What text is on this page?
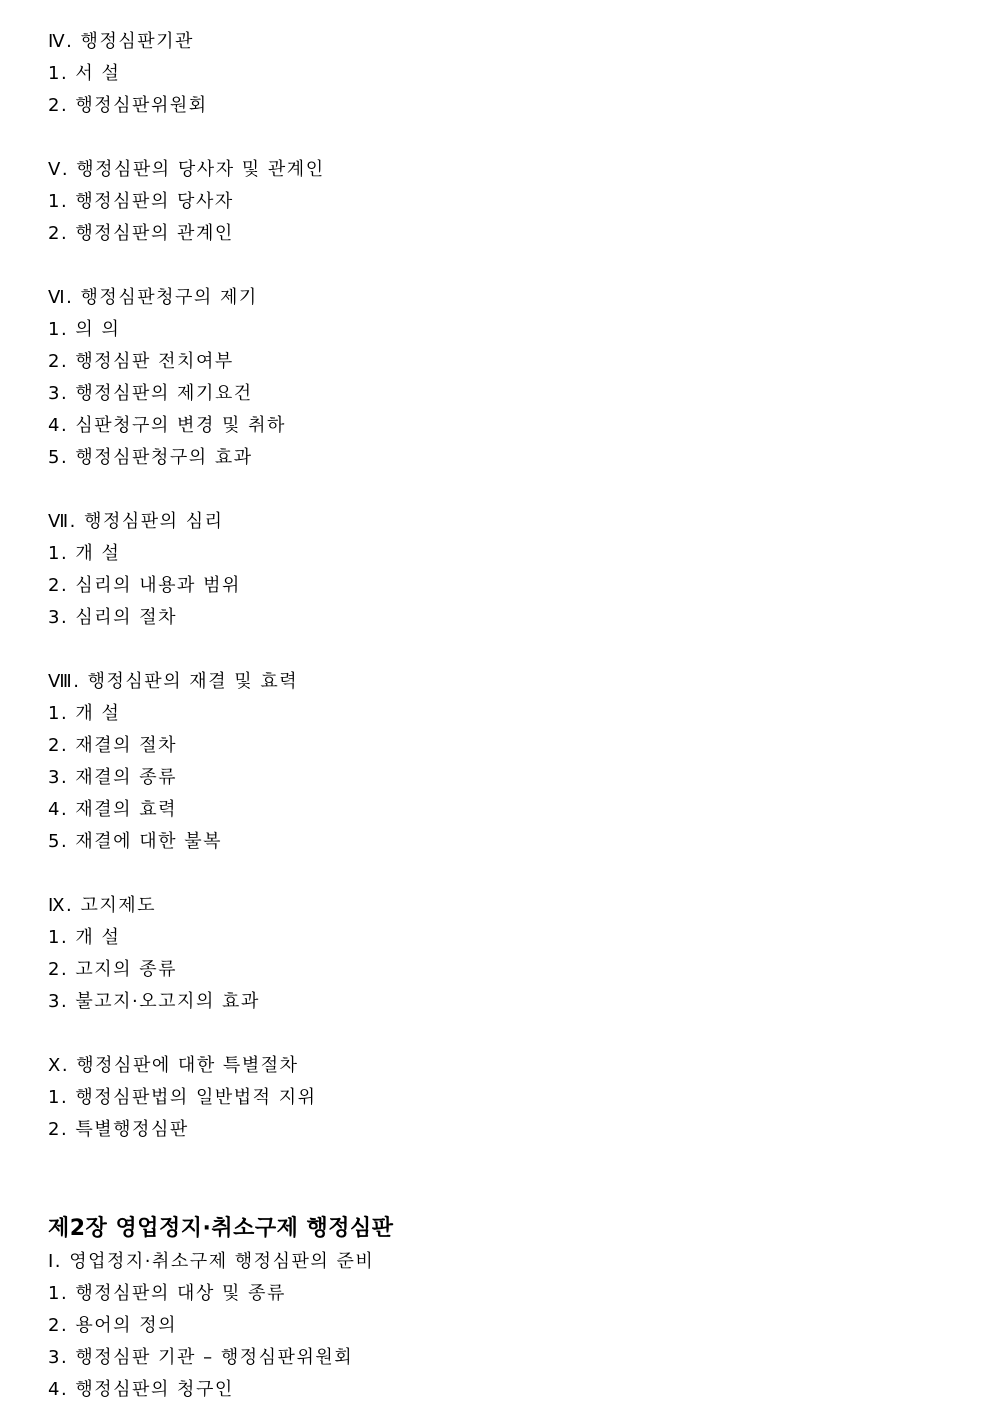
Ⅳ. 행정심판기관
1. 서 설
2. 행정심판위원회
Ⅴ. 행정심판의 당사자 및 관계인
1. 행정심판의 당사자
2. 행정심판의 관계인
Ⅵ. 행정심판청구의 제기
1. 의 의
2. 행정심판 전치여부
3. 행정심판의 제기요건
4. 심판청구의 변경 및 취하
5. 행정심판청구의 효과
Ⅶ. 행정심판의 심리
1. 개 설
2. 심리의 내용과 범위
3. 심리의 절차
Ⅷ. 행정심판의 재결 및 효력
1. 개 설
2. 재결의 절차
3. 재결의 종류
4. 재결의 효력
5. 재결에 대한 불복
Ⅸ. 고지제도
1. 개 설
2. 고지의 종류
3. 불고지·오고지의 효과
Ⅹ. 행정심판에 대한 특별절차
1. 행정심판법의 일반법적 지위
2. 특별행정심판
제2장 영업정지·취소구제 행정심판
Ⅰ. 영업정지·취소구제 행정심판의 준비
1. 행정심판의 대상 및 종류
2. 용어의 정의
3. 행정심판 기관 – 행정심판위원회
4. 행정심판의 청구인
